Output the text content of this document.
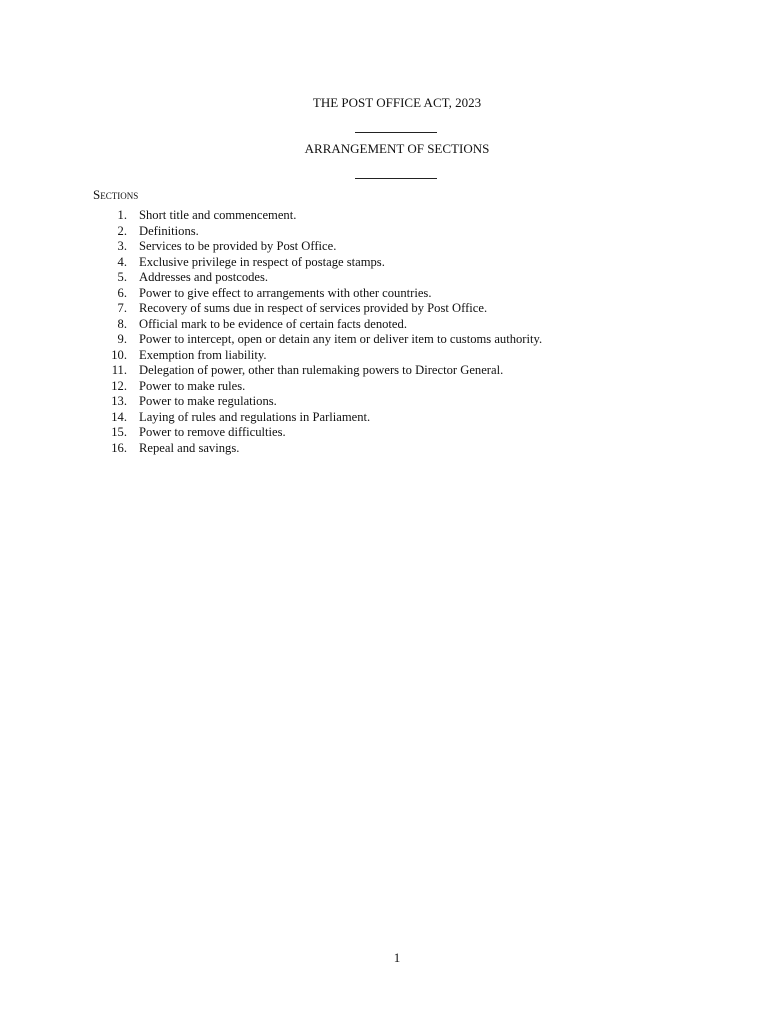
THE POST OFFICE ACT, 2023
ARRANGEMENT OF SECTIONS
Sections
1. Short title and commencement.
2. Definitions.
3. Services to be provided by Post Office.
4. Exclusive privilege in respect of postage stamps.
5. Addresses and postcodes.
6. Power to give effect to arrangements with other countries.
7. Recovery of sums due in respect of services provided by Post Office.
8. Official mark to be evidence of certain facts denoted.
9. Power to intercept, open or detain any item or deliver item to customs authority.
10. Exemption from liability.
11. Delegation of power, other than rulemaking powers to Director General.
12. Power to make rules.
13. Power to make regulations.
14. Laying of rules and regulations in Parliament.
15. Power to remove difficulties.
16. Repeal and savings.
1
